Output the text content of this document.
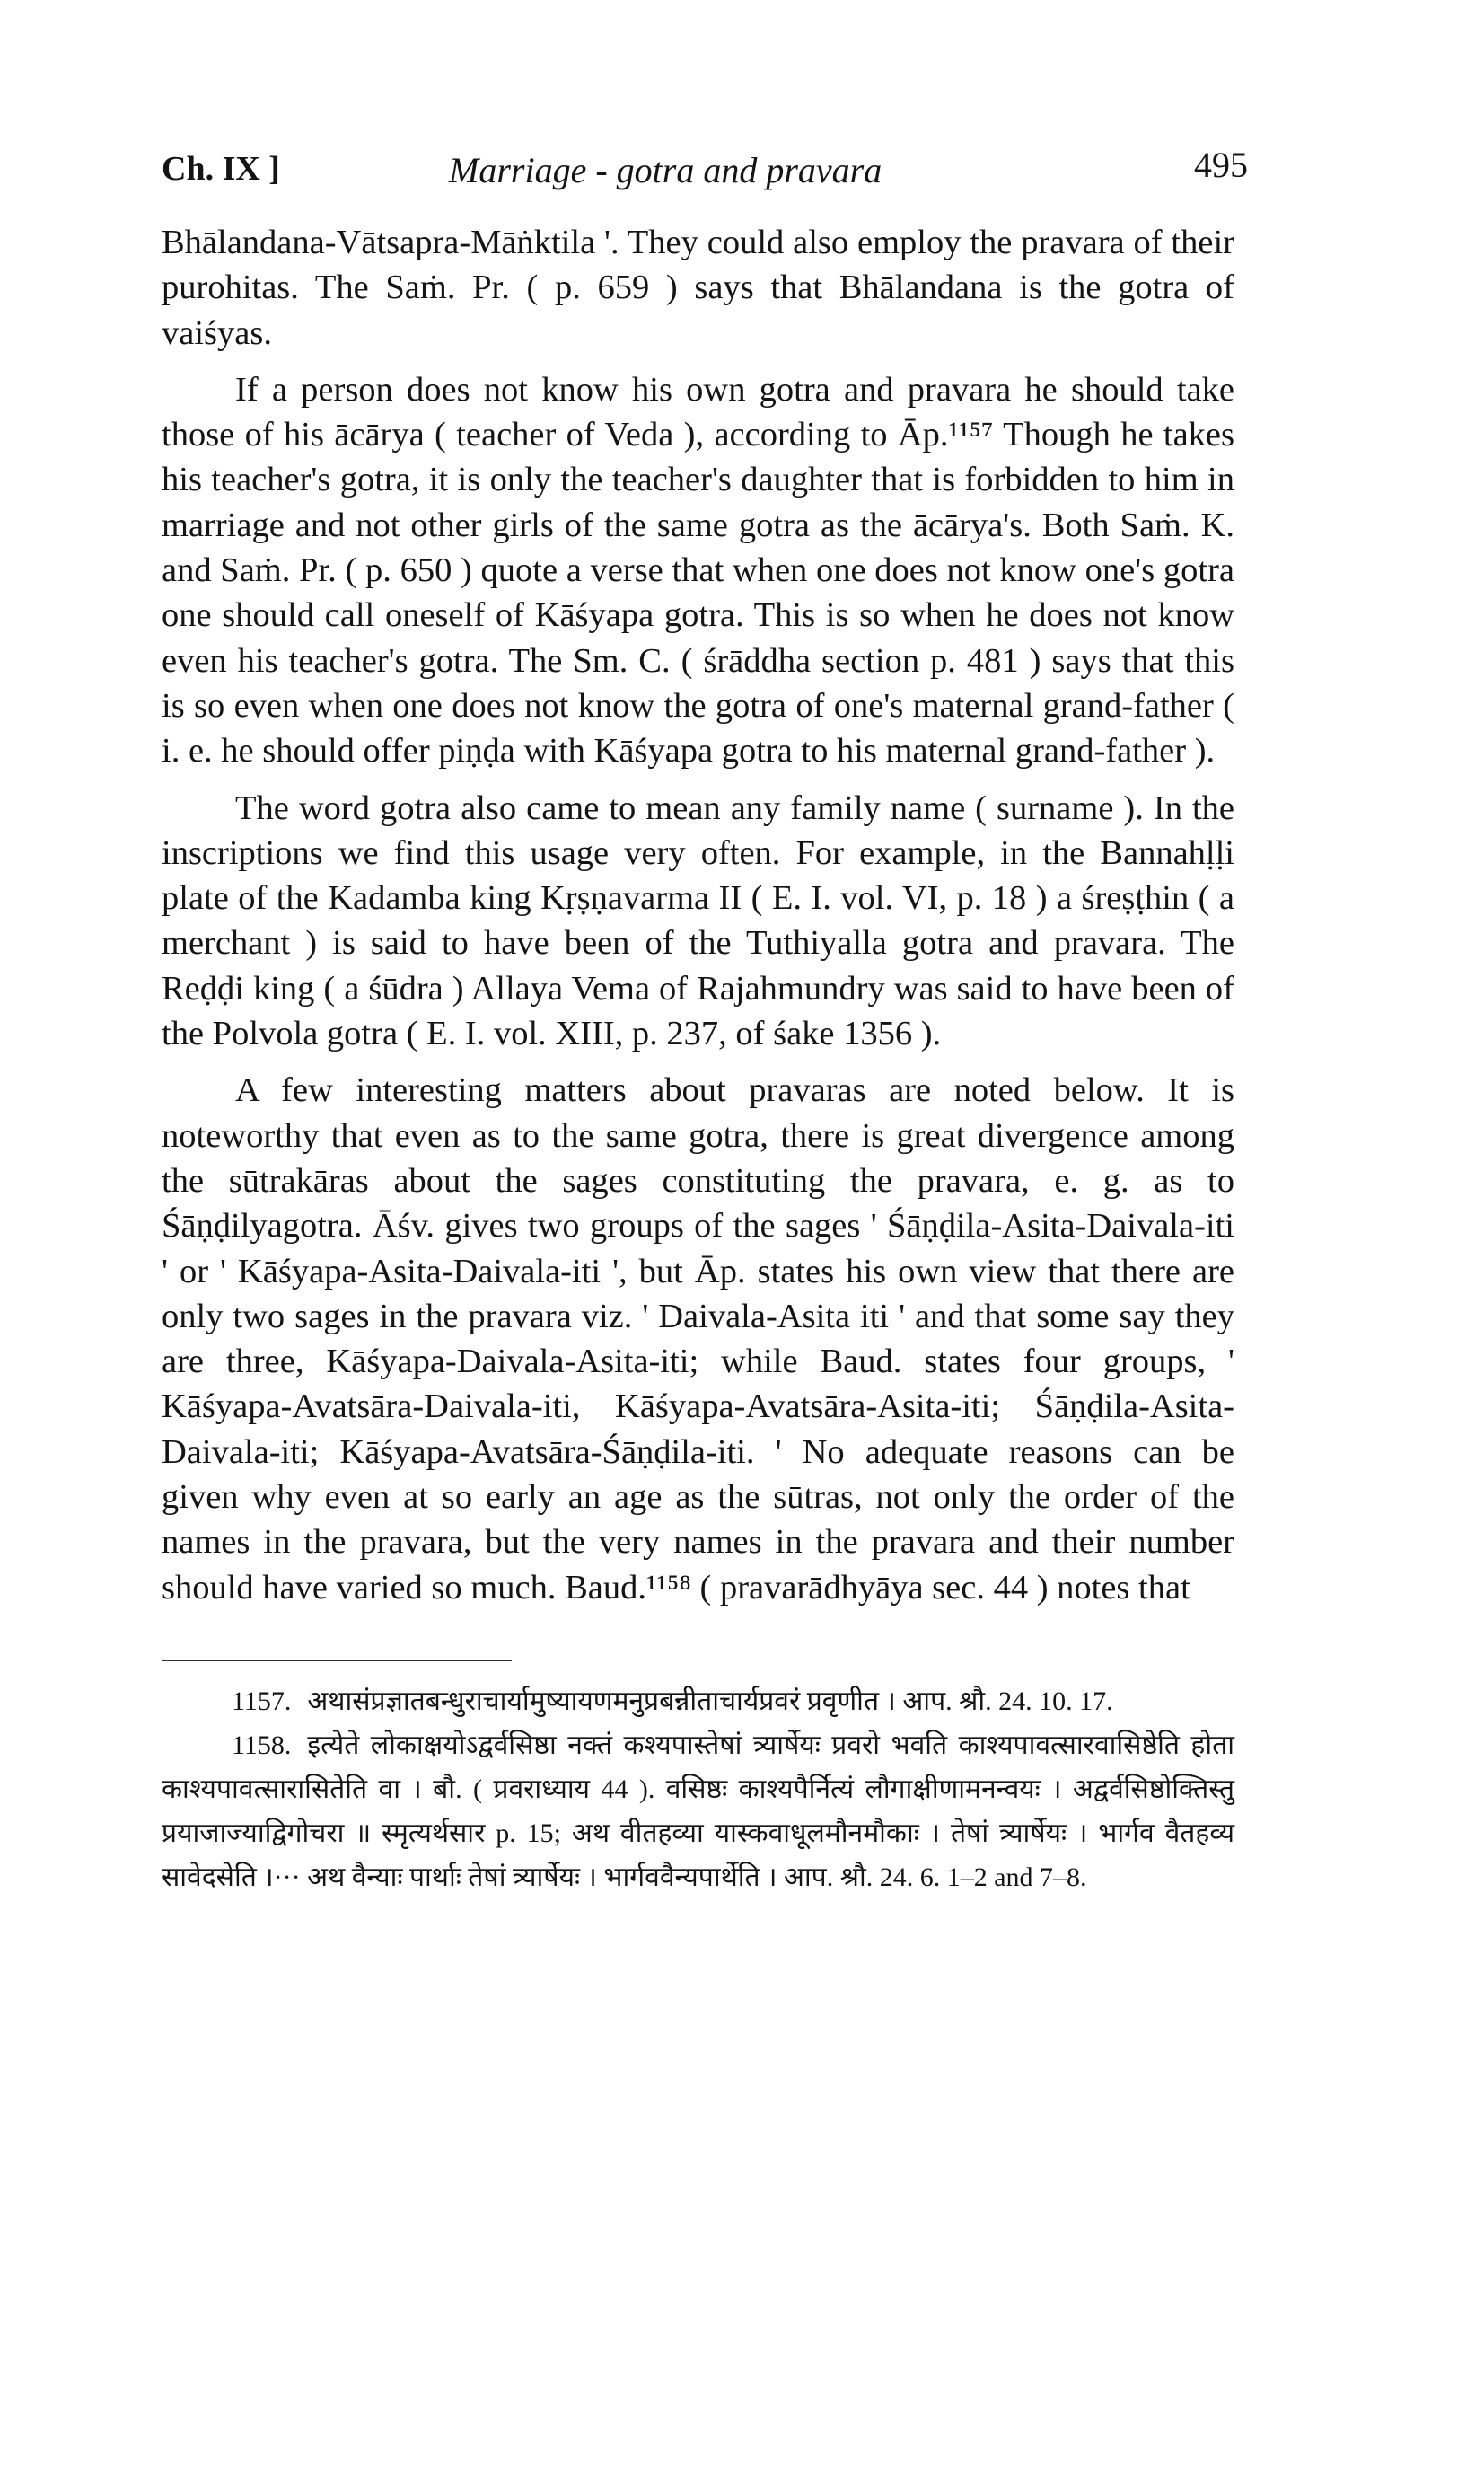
Ch. IX ]	Marriage - gotra and pravara	495

Bhālandana-Vātsapra-Māṅktila '. They could also employ the pravara of their purohitas. The Saṁ. Pr. ( p. 659 ) says that Bhālandana is the gotra of vaiśyas.

If a person does not know his own gotra and pravara he should take those of his ācārya ( teacher of Veda ), according to Āp.¹¹⁵⁷ Though he takes his teacher's gotra, it is only the teacher's daughter that is forbidden to him in marriage and not other girls of the same gotra as the ācārya's. Both Saṁ. K. and Saṁ. Pr. ( p. 650 ) quote a verse that when one does not know one's gotra one should call oneself of Kāśyapa gotra. This is so when he does not know even his teacher's gotra. The Sm. C. ( śrāddha section p. 481 ) says that this is so even when one does not know the gotra of one's maternal grand-father ( i. e. he should offer piṇḍa with Kāśyapa gotra to his maternal grand-father ).

The word gotra also came to mean any family name ( surname ). In the inscriptions we find this usage very often. For example, in the Bannahḷḷi plate of the Kadamba king Kṛṣṇavarma II ( E. I. vol. VI, p. 18 ) a śreṣṭhin ( a merchant ) is said to have been of the Tuthiyalla gotra and pravara. The Reḍḍi king ( a śūdra ) Allaya Vema of Rajahmundry was said to have been of the Polvola gotra ( E. I. vol. XIII, p. 237, of śake 1356 ).

A few interesting matters about pravaras are noted below. It is noteworthy that even as to the same gotra, there is great divergence among the sūtrakāras about the sages constituting the pravara, e. g. as to Śāṇḍilyagotra. Āśv. gives two groups of the sages ' Śāṇḍila-Asita-Daivala-iti ' or ' Kāśyapa-Asita-Daivala-iti ', but Āp. states his own view that there are only two sages in the pravara viz. ' Daivala-Asita iti ' and that some say they are three, Kāśyapa-Daivala-Asita-iti; while Baud. states four groups, ' Kāśyapa-Avatsāra-Daivala-iti, Kāśyapa-Avatsāra-Asita-iti; Śāṇḍila-Asita-Daivala-iti; Kāśyapa-Avatsāra-Śāṇḍila-iti. ' No adequate reasons can be given why even at so early an age as the sūtras, not only the order of the names in the pravara, but the very names in the pravara and their number should have varied so much. Baud.¹¹⁵⁸ ( pravarādhyāya sec. 44 ) notes that

1157. अथासंप्रज्ञातबन्धुराचार्यामुष्यायणमनुप्रबन्नीताचार्यप्रवरं प्रवृणीत । आप. श्रौ. 24. 10. 17.

1158. इत्येते लोकाक्षयोऽद्वर्वसिष्ठा नक्तं कश्यपास्तेषां त्र्यार्षेयः प्रवरो भवति काश्यपावत्सारवासिष्ठेति होता काश्यपावत्सारासितेति वा । बौ. ( प्रवराध्याय 44 ). वसिष्ठः काश्यपैर्नित्यं लौगाक्षीणामनन्वयः । अद्वर्वसिष्ठोक्तिस्तु प्रयाजाज्याद्विगोचरा ॥ स्मृत्यर्थसार p. 15; अथ वीतहव्या यास्कवाधूलमौनमौकाः । तेषां त्र्यार्षेयः । भार्गव वैतहव्य सावेदसेति ।··· अथ वैन्याः पार्थाः तेषां त्र्यार्षेयः । भार्गववैन्यपार्थेति । आप. श्रौ. 24. 6. 1–2 and 7–8.
